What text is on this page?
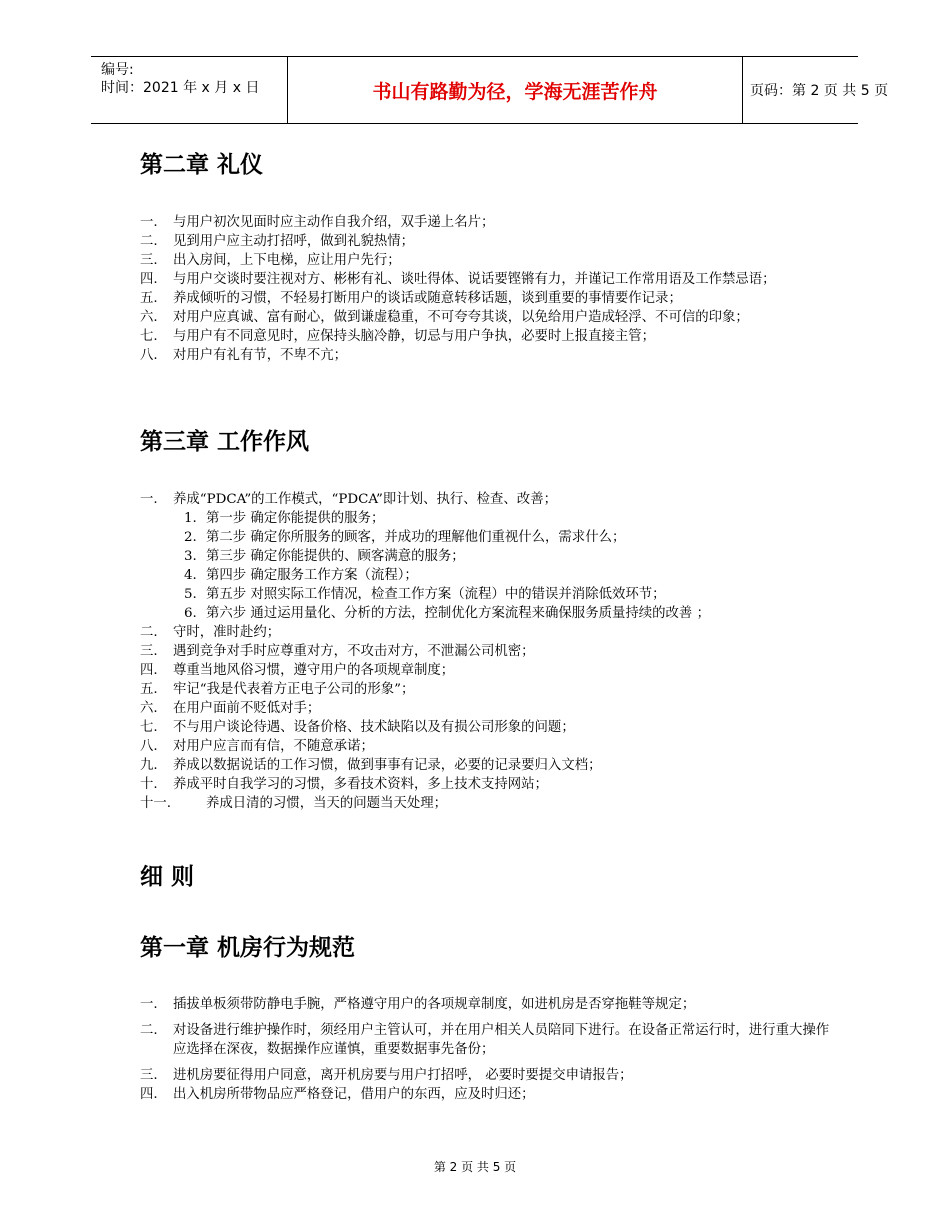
编号:
时间：2021 年 x 月 x 日	书山有路勤为径，学海无涯苦作舟	页码：第 2 页 共 5 页
第二章 礼仪
一. 与用户初次见面时应主动作自我介绍，双手递上名片；
二. 见到用户应主动打招呼，做到礼貌热情；
三. 出入房间，上下电梯，应让用户先行；
四. 与用户交谈时要注视对方、彬彬有礼、谈吐得体、说话要铿锵有力，并谨记工作常用语及工作禁忌语；
五. 养成倾听的习惯，不轻易打断用户的谈话或随意转移话题，谈到重要的事情要作记录；
六. 对用户应真诚、富有耐心，做到谦虚稳重，不可夸夸其谈，以免给用户造成轻浮、不可信的印象；
七. 与用户有不同意见时，应保持头脑冷静，切忌与用户争执，必要时上报直接主管；
八. 对用户有礼有节，不卑不亢；
第三章 工作作风
一. 养成“PDCA”的工作模式，“PDCA”即计划、执行、检查、改善；
1. 第一步 确定你能提供的服务；
2. 第二步 确定你所服务的顾客，并成功的理解他们重视什么，需求什么；
3. 第三步 确定你能提供的、顾客满意的服务；
4. 第四步 确定服务工作方案（流程）；
5. 第五步 对照实际工作情况，检查工作方案（流程）中的错误并消除低效环节；
6. 第六步 通过运用量化、分析的方法，控制优化方案流程来确保服务质量持续的改善 ；
二. 守时，准时赴约；
三. 遇到竞争对手时应尊重对方，不攻击对方，不泄漏公司机密；
四. 尊重当地风俗习惯，遵守用户的各项规章制度；
五. 牢记“我是代表着方正电子公司的形象”；
六. 在用户面前不贬低对手；
七. 不与用户谈论待遇、设备价格、技术缺陷以及有损公司形象的问题；
八. 对用户应言而有信，不随意承诺；
九. 养成以数据说话的工作习惯，做到事事有记录，必要的记录要归入文档；
十. 养成平时自我学习的习惯，多看技术资料，多上技术支持网站；
十一.	养成日清的习惯，当天的问题当天处理；
细 则
第一章 机房行为规范
一. 插拔单板须带防静电手腕，严格遵守用户的各项规章制度，如进机房是否穿拖鞋等规定；
二. 对设备进行维护操作时，须经用户主管认可，并在用户相关人员陪同下进行。在设备正常运行时，进行重大操作应选择在深夜，数据操作应谨慎，重要数据事先备份；
三. 进机房要征得用户同意，离开机房要与用户打招呼， 必要时要提交申请报告；
四. 出入机房所带物品应严格登记，借用户的东西，应及时归还；
第 2 页 共 5 页
